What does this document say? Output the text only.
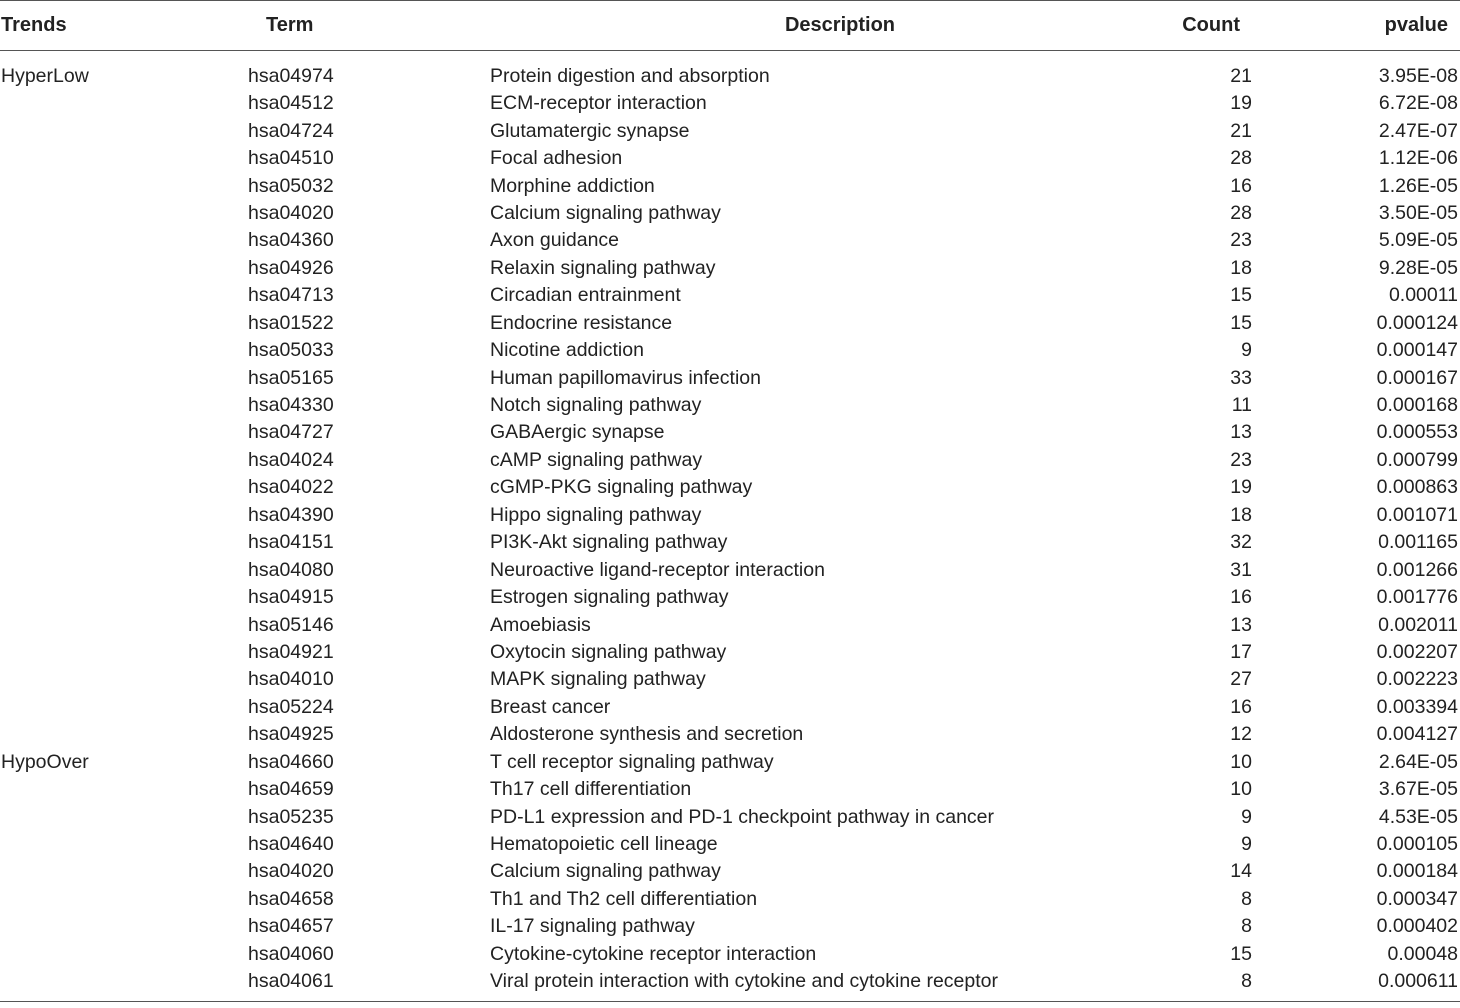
Trends	Term	Description	Count	pvalue
HyperLow	hsa04974	Protein digestion and absorption	21	3.95E-08
	hsa04512	ECM-receptor interaction	19	6.72E-08
	hsa04724	Glutamatergic synapse	21	2.47E-07
	hsa04510	Focal adhesion	28	1.12E-06
	hsa05032	Morphine addiction	16	1.26E-05
	hsa04020	Calcium signaling pathway	28	3.50E-05
	hsa04360	Axon guidance	23	5.09E-05
	hsa04926	Relaxin signaling pathway	18	9.28E-05
	hsa04713	Circadian entrainment	15	0.00011
	hsa01522	Endocrine resistance	15	0.000124
	hsa05033	Nicotine addiction	9	0.000147
	hsa05165	Human papillomavirus infection	33	0.000167
	hsa04330	Notch signaling pathway	11	0.000168
	hsa04727	GABAergic synapse	13	0.000553
	hsa04024	cAMP signaling pathway	23	0.000799
	hsa04022	cGMP-PKG signaling pathway	19	0.000863
	hsa04390	Hippo signaling pathway	18	0.001071
	hsa04151	PI3K-Akt signaling pathway	32	0.001165
	hsa04080	Neuroactive ligand-receptor interaction	31	0.001266
	hsa04915	Estrogen signaling pathway	16	0.001776
	hsa05146	Amoebiasis	13	0.002011
	hsa04921	Oxytocin signaling pathway	17	0.002207
	hsa04010	MAPK signaling pathway	27	0.002223
	hsa05224	Breast cancer	16	0.003394
	hsa04925	Aldosterone synthesis and secretion	12	0.004127
HypoOver	hsa04660	T cell receptor signaling pathway	10	2.64E-05
	hsa04659	Th17 cell differentiation	10	3.67E-05
	hsa05235	PD-L1 expression and PD-1 checkpoint pathway in cancer	9	4.53E-05
	hsa04640	Hematopoietic cell lineage	9	0.000105
	hsa04020	Calcium signaling pathway	14	0.000184
	hsa04658	Th1 and Th2 cell differentiation	8	0.000347
	hsa04657	IL-17 signaling pathway	8	0.000402
	hsa04060	Cytokine-cytokine receptor interaction	15	0.00048
	hsa04061	Viral protein interaction with cytokine and cytokine receptor	8	0.000611
